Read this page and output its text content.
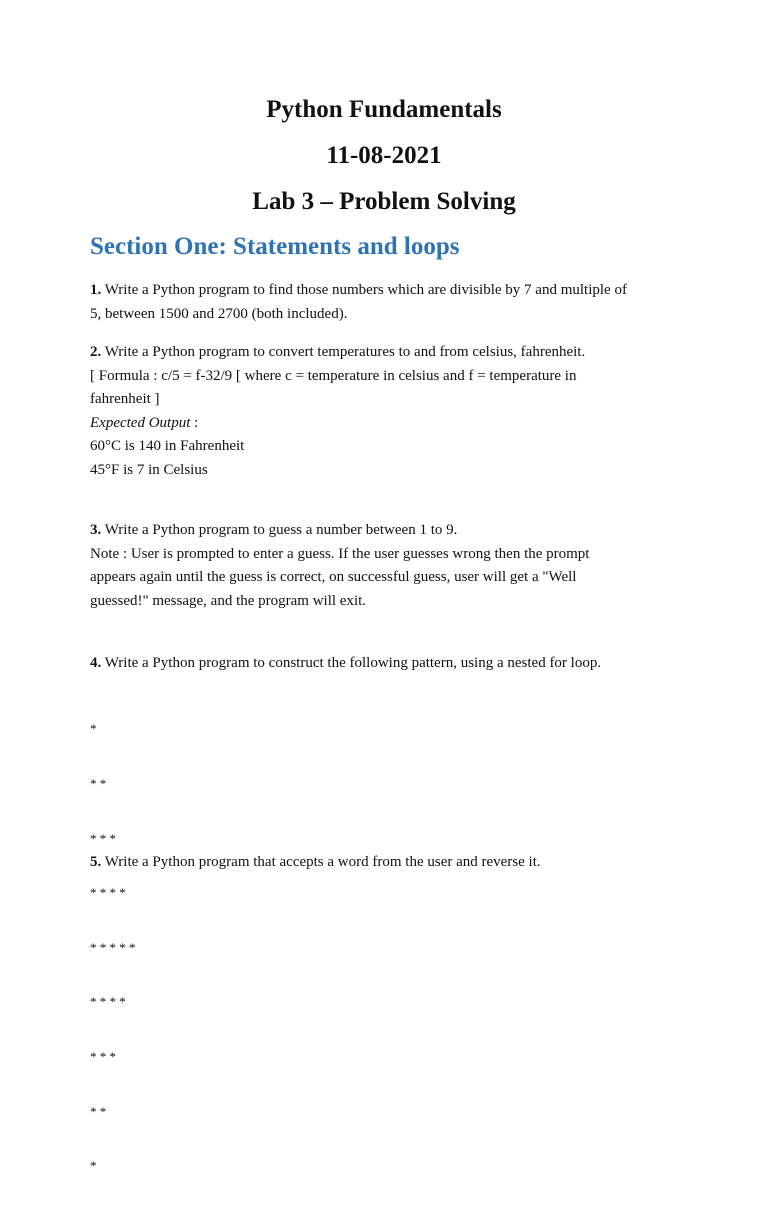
Python Fundamentals
11-08-2021
Lab 3 – Problem Solving
Section One: Statements and loops
1. Write a Python program to find those numbers which are divisible by 7 and multiple of
5, between 1500 and 2700 (both included).
2. Write a Python program to convert temperatures to and from celsius, fahrenheit.
[ Formula : c/5 = f-32/9 [ where c = temperature in celsius and f = temperature in
fahrenheit ]
Expected Output :
60°C is 140 in Fahrenheit
45°F is 7 in Celsius
3. Write a Python program to guess a number between 1 to 9.
Note : User is prompted to enter a guess. If the user guesses wrong then the prompt
appears again until the guess is correct, on successful guess, user will get a "Well
guessed!" message, and the program will exit.
4. Write a Python program to construct the following pattern, using a nested for loop.

*

* *

* * *

* * * *

* * * * *

* * * *

* * *

* *

*

5. Write a Python program that accepts a word from the user and reverse it.
